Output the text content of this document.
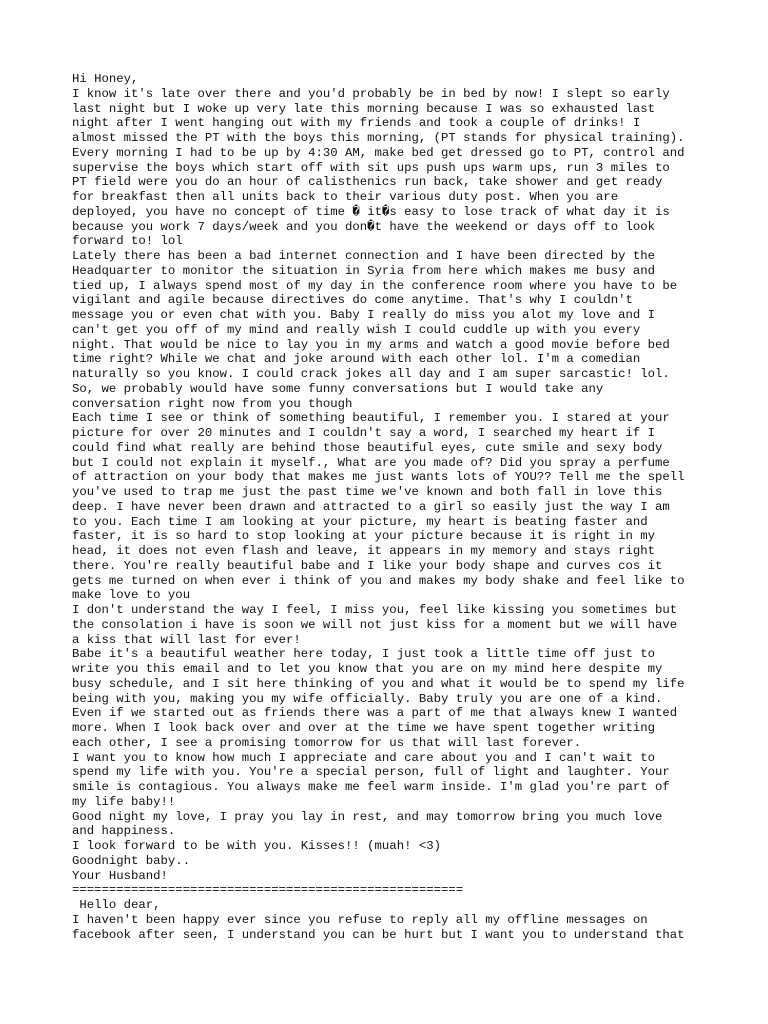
Hi Honey,
I know it's late over there and you'd probably be in bed by now! I slept so early
last night but I woke up very late this morning because I was so exhausted last
night after I went hanging out with my friends and took a couple of drinks! I
almost missed the PT with the boys this morning, (PT stands for physical training).
Every morning I had to be up by 4:30 AM, make bed get dressed go to PT, control and
supervise the boys which start off with sit ups push ups warm ups, run 3 miles to
PT field were you do an hour of calisthenics run back, take shower and get ready
for breakfast then all units back to their various duty post. When you are
deployed, you have no concept of time � it�s easy to lose track of what day it is
because you work 7 days/week and you don�t have the weekend or days off to look
forward to! lol
Lately there has been a bad internet connection and I have been directed by the
Headquarter to monitor the situation in Syria from here which makes me busy and
tied up, I always spend most of my day in the conference room where you have to be
vigilant and agile because directives do come anytime. That's why I couldn't
message you or even chat with you. Baby I really do miss you alot my love and I
can't get you off of my mind and really wish I could cuddle up with you every
night. That would be nice to lay you in my arms and watch a good movie before bed
time right? While we chat and joke around with each other lol. I'm a comedian
naturally so you know. I could crack jokes all day and I am super sarcastic! lol.
So, we probably would have some funny conversations but I would take any
conversation right now from you though
Each time I see or think of something beautiful, I remember you. I stared at your
picture for over 20 minutes and I couldn't say a word, I searched my heart if I
could find what really are behind those beautiful eyes, cute smile and sexy body
but I could not explain it myself., What are you made of? Did you spray a perfume
of attraction on your body that makes me just wants lots of YOU?? Tell me the spell
you've used to trap me just the past time we've known and both fall in love this
deep. I have never been drawn and attracted to a girl so easily just the way I am
to you. Each time I am looking at your picture, my heart is beating faster and
faster, it is so hard to stop looking at your picture because it is right in my
head, it does not even flash and leave, it appears in my memory and stays right
there. You're really beautiful babe and I like your body shape and curves cos it
gets me turned on when ever i think of you and makes my body shake and feel like to
make love to you
I don't understand the way I feel, I miss you, feel like kissing you sometimes but
the consolation i have is soon we will not just kiss for a moment but we will have
a kiss that will last for ever!
Babe it's a beautiful weather here today, I just took a little time off just to
write you this email and to let you know that you are on my mind here despite my
busy schedule, and I sit here thinking of you and what it would be to spend my life
being with you, making you my wife officially. Baby truly you are one of a kind.
Even if we started out as friends there was a part of me that always knew I wanted
more. When I look back over and over at the time we have spent together writing
each other, I see a promising tomorrow for us that will last forever.
I want you to know how much I appreciate and care about you and I can't wait to
spend my life with you. You're a special person, full of light and laughter. Your
smile is contagious. You always make me feel warm inside. I'm glad you're part of
my life baby!!
Good night my love, I pray you lay in rest, and may tomorrow bring you much love
and happiness.
I look forward to be with you. Kisses!! (muah! <3)
Goodnight baby..
Your Husband!
=====================================================
Hello dear,
I haven't been happy ever since you refuse to reply all my offline messages on
facebook after seen, I understand you can be hurt but I want you to understand that
